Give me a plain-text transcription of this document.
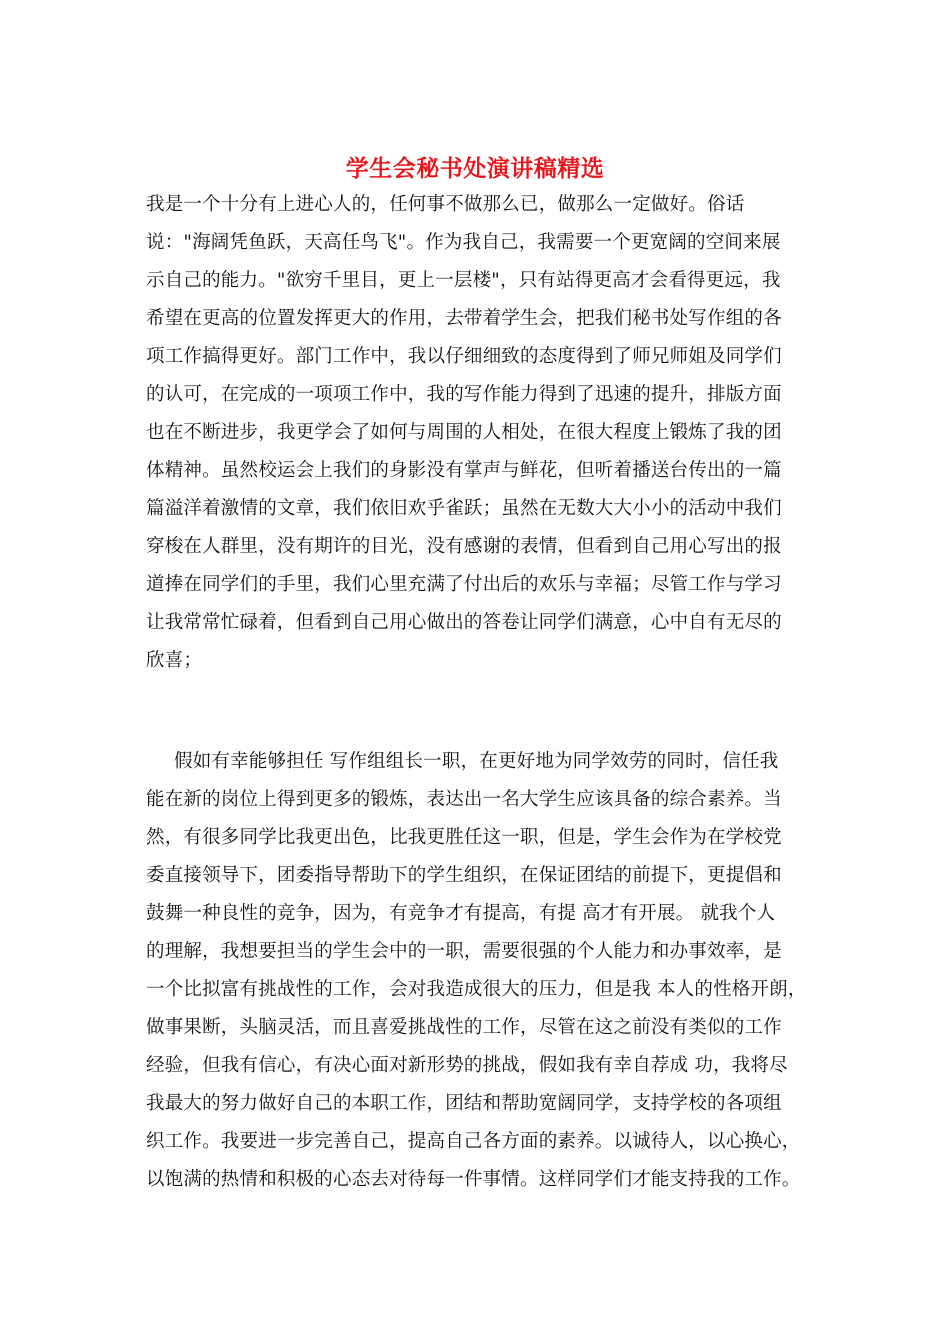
学生会秘书处演讲稿精选
我是一个十分有上进心人的，任何事不做那么已，做那么一定做好。俗话
说："海阔凭鱼跃，天高任鸟飞"。作为我自己，我需要一个更宽阔的空间来展
示自己的能力。"欲穷千里目，更上一层楼"，只有站得更高才会看得更远，我
希望在更高的位置发挥更大的作用，去带着学生会，把我们秘书处写作组的各
项工作搞得更好。部门工作中，我以仔细细致的态度得到了师兄师姐及同学们
的认可，在完成的一项项工作中，我的写作能力得到了迅速的提升，排版方面
也在不断进步，我更学会了如何与周围的人相处，在很大程度上锻炼了我的团
体精神。虽然校运会上我们的身影没有掌声与鲜花，但听着播送台传出的一篇
篇溢洋着激情的文章，我们依旧欢乎雀跃；虽然在无数大大小小的活动中我们
穿梭在人群里，没有期许的目光，没有感谢的表情，但看到自己用心写出的报
道捧在同学们的手里，我们心里充满了付出后的欢乐与幸福；尽管工作与学习
让我常常忙碌着，但看到自己用心做出的答卷让同学们满意，心中自有无尽的
欣喜；
假如有幸能够担任 写作组组长一职，在更好地为同学效劳的同时，信任我
能在新的岗位上得到更多的锻炼，表达出一名大学生应该具备的综合素养。当
然，有很多同学比我更出色，比我更胜任这一职，但是，学生会作为在学校党
委直接领导下，团委指导帮助下的学生组织，在保证团结的前提下，更提倡和
鼓舞一种良性的竞争，因为，有竞争才有提高，有提 高才有开展。 就我个人
的理解，我想要担当的学生会中的一职，需要很强的个人能力和办事效率，是
一个比拟富有挑战性的工作，会对我造成很大的压力，但是我 本人的性格开朗，
做事果断，头脑灵活，而且喜爱挑战性的工作，尽管在这之前没有类似的工作
经验，但我有信心，有决心面对新形势的挑战，假如我有幸自荐成 功，我将尽
我最大的努力做好自己的本职工作，团结和帮助宽阔同学，支持学校的各项组
织工作。我要进一步完善自己，提高自己各方面的素养。以诚待人，以心换心，
以饱满的热情和积极的心态去对待每一件事情。这样同学们才能支持我的工作。
